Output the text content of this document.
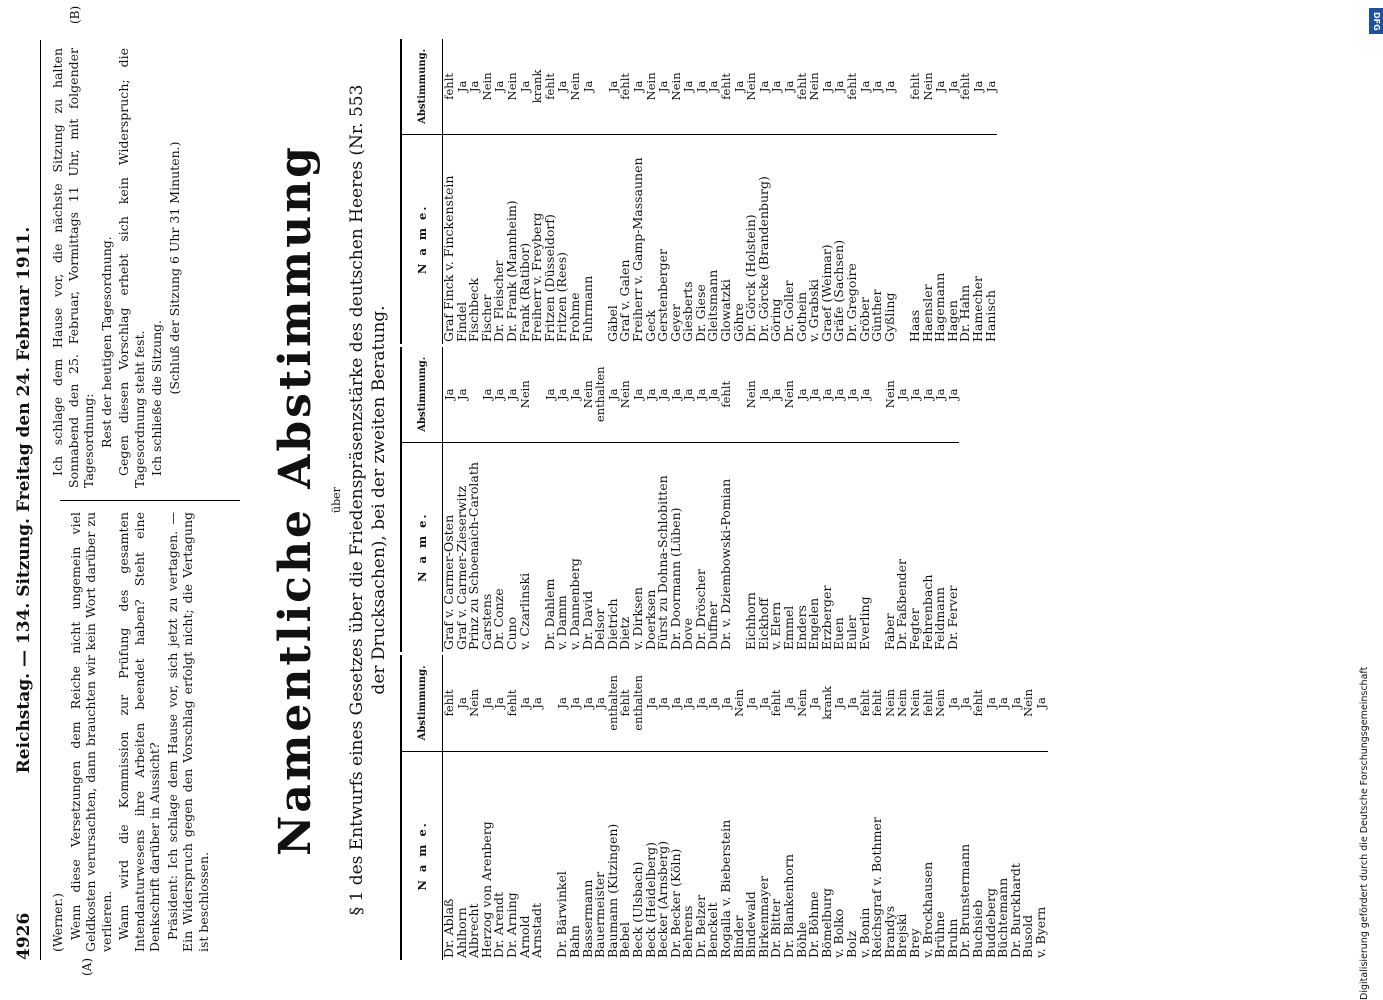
4926
Reichstag. — 134. Sitzung. Freitag den 24. Februar 1911.
(A)
(B)

(Werner.) Wenn diese Versetzungen dem Reiche nicht ungemein viel Geldkosten verursachten, dann brauchten wir kein Wort darüber zu verlieren. Wann wird die Kommission zur Prüfung des gesamten Intendanturwesens ihre Arbeiten beendet haben? Steht eine Denkschrift darüber in Aussicht? Präsident: Ich schlage dem Hause vor, sich jetzt zu vertagen. — Ein Widerspruch gegen den Vorschlag erfolgt nicht; die Vertagung ist beschlossen.

Ich schlage dem Hause vor, die nächste Sitzung zu halten Sonnabend den 25. Februar, Vormittags 11 Uhr, mit folgender Tagesordnung: Rest der heutigen Tagesordnung. Gegen diesen Vorschlag erhebt sich kein Widerspruch; die Tagesordnung steht fest. Ich schließe die Sitzung.

(Schluß der Sitzung 6 Uhr 31 Minuten.) Namentliche Abstimmung über § 1 des Entwurfs eines Gesetzes über die Friedenspräsenzstärke des deutschen Heeres (Nr. 553 der Drucksachen), bei der zweiten Beratung.
N a m e.	Abstimmung.
Dr. Ablaß	fehlt
Ahlhorn	Ja
Albrecht	Nein
Herzog von Arenberg	Ja
Dr. Arendt	Ja
Dr. Arning	fehlt
Arnold	Ja
Arnstadt	Ja

Dr. Bärwinkel	Ja
Bahn	Ja
Bassermann	Ja
Bauermeister	Ja
Baumann (Kitzingen)	enthalten
Bebel	fehlt
Beck (Ulsbach)	enthalten
Beck (Heidelberg)	Ja
Becker (Arnsberg)	Ja
Dr. Becker (Köln)	Ja
Behrens	Ja
Dr. Belzer	Ja
Benckelt	Ja
Rogalla v. Bieberstein	Ja
Binder	Nein
Bindewald	Ja
Birkenmayer	Ja
Dr. Bitter	fehlt
Dr. Blankenhorn	Ja
Böhle	Nein
Dr. Böhme	Ja
Bömelburg	krank
v. Bolko	Ja
Bolz	Ja
v. Bonin	fehlt
Reichsgraf v. Bothmer	fehlt
Brandys	Nein
Brejski	Nein
Brey	Nein
v. Brockhausen	fehlt
Brühne	Nein
Bruhn	Ja
Dr. Brunstermann	Ja
Buchsieb	fehlt
Buddeberg	Ja
Büchtemann	Ja
Dr. Burckhardt	Ja
Busold	Nein
v. Byern	Ja
N a m e.	Abstimmung.
Graf v. Carmer-Osten	Ja
Graf v. Carmer-Zieserwitz	Ja
Prinz zu Schoenaich-Carolath	
Carstens	Ja
Dr. Conze	Ja
Cuno	Ja
v. Czarlinski	Nein

Dr. Dahlem	Ja
v. Damm	Ja
v. Dannenberg	Ja
Dr. David	Nein
Delsor	enthalten
Dietrich	Ja
Dietz	Nein
v. Dirksen	Ja
Doerksen	Ja
Fürst zu Dohna-Schlobitten	Ja
Dr. Doormann (Lüben)	Ja
Dove	Ja
Dr. Dröscher	Ja
Duffner	Ja
Dr. v. Dziembowski-Pomian	fehlt

Eichhorn	Nein
Eickhoff	Ja
v. Elern	Ja
Emmel	Nein
Enders	Ja
Engelen	Ja
Erzberger	Ja
Euen	Ja
Euler	Ja
Everling	Ja

Faber	Nein
Dr. Faßbender	Ja
Fegter	Ja
Fehrenbach	Ja
Feldmann	Ja
Dr. Ferver	Ja
N a m e.	Abstimmung.
Graf Finck v. Finckenstein	fehlt
Findel	Ja
Fischbeck	Ja
Fischer	Nein
Dr. Fleischer	Ja
Dr. Frank (Mannheim)	Nein
Frank (Ratibor)	Ja
Freiherr v. Freyberg	krank
Fritzen (Düsseldorf)	fehlt
Fritzen (Rees)	Ja
Frohme	Nein
Fuhrmann	Ja

Gäbel	Ja
Graf v. Galen	fehlt
Freiherr v. Gamp-Massaunen	Ja
Geck	Nein
Gerstenberger	Ja
Geyer	Nein
Giesberts	Ja
Dr. Giese	Ja
Gleitsmann	Ja
Glowatzki	fehlt
Göhre	Ja
Dr. Görck (Holstein)	Nein
Dr. Görcke (Brandenburg)	Ja
Göring	Ja
Dr. Goller	Ja
Gothein	fehlt
v. Grabski	Nein
Graef (Weimar)	Ja
Gräfe (Sachsen)	Ja
Dr. Gregoire	fehlt
Gröber	Ja
Günther	Ja
Gyßling	Ja

Haas	fehlt
Haensler	Nein
Hagemann	Ja
Hagen	Ja
Dr. Hahn	fehlt
Hamecher	Ja
Hanisch	Ja
DFG
Digitalisierung gefördert durch die Deutsche Forschungsgemeinschaft
